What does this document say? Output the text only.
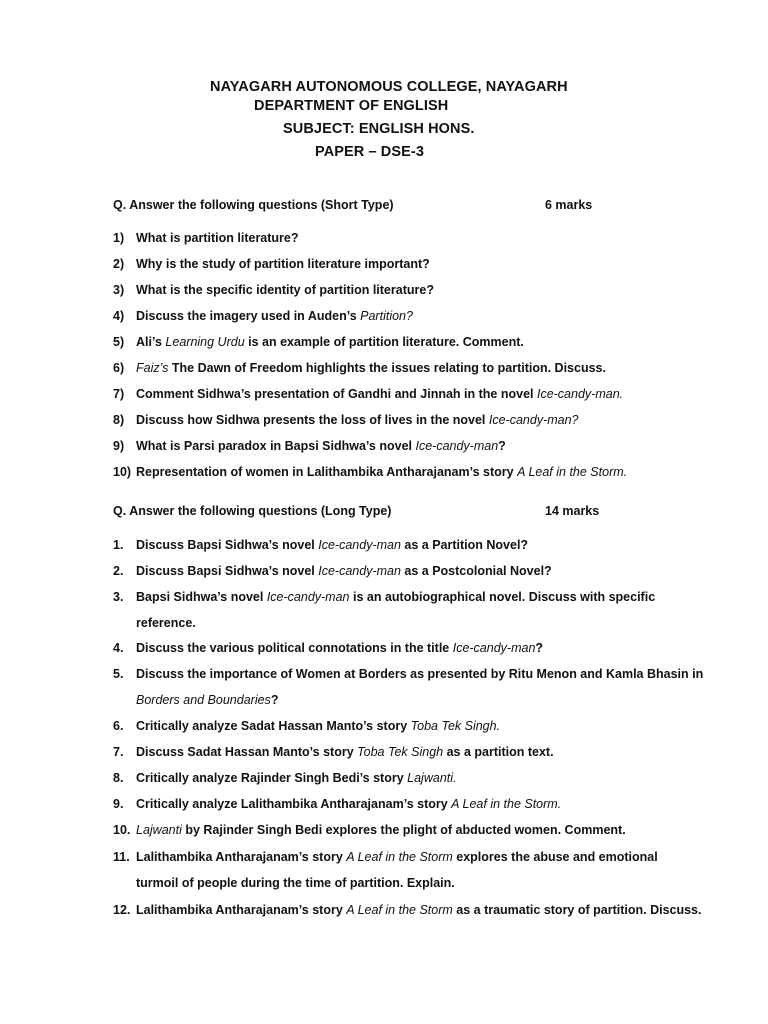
NAYAGARH AUTONOMOUS COLLEGE, NAYAGARH
DEPARTMENT OF ENGLISH
SUBJECT: ENGLISH HONS.
PAPER – DSE-3
Q. Answer the following questions (Short Type)	6 marks
1) What is partition literature?
2) Why is the study of partition literature important?
3) What is the specific identity of partition literature?
4) Discuss the imagery used in Auden’s Partition?
5) Ali’s Learning Urdu is an example of partition literature. Comment.
6) Faiz’s The Dawn of Freedom highlights the issues relating to partition. Discuss.
7) Comment Sidhwa’s presentation of Gandhi and Jinnah in the novel Ice-candy-man.
8) Discuss how Sidhwa presents the loss of lives in the novel Ice-candy-man?
9) What is Parsi paradox in Bapsi Sidhwa’s novel Ice-candy-man?
10) Representation of women in Lalithambika Antharajanam’s story A Leaf in the Storm.
Q. Answer the following questions (Long Type)	14 marks
1. Discuss Bapsi Sidhwa’s novel Ice-candy-man as a Partition Novel?
2. Discuss Bapsi Sidhwa’s novel Ice-candy-man as a Postcolonial Novel?
3. Bapsi Sidhwa’s novel Ice-candy-man is an autobiographical novel. Discuss with specific
reference.
4. Discuss the various political connotations in the title Ice-candy-man?
5. Discuss the importance of Women at Borders as presented by Ritu Menon and Kamla Bhasin in
Borders and Boundaries?
6. Critically analyze Sadat Hassan Manto’s story Toba Tek Singh.
7. Discuss Sadat Hassan Manto’s story Toba Tek Singh as a partition text.
8. Critically analyze Rajinder Singh Bedi’s story Lajwanti.
9. Critically analyze Lalithambika Antharajanam’s story A Leaf in the Storm.
10. Lajwanti by Rajinder Singh Bedi explores the plight of abducted women. Comment.
11. Lalithambika Antharajanam’s story A Leaf in the Storm explores the abuse and emotional
turmoil of people during the time of partition. Explain.
12. Lalithambika Antharajanam’s story A Leaf in the Storm as a traumatic story of partition. Discuss.
